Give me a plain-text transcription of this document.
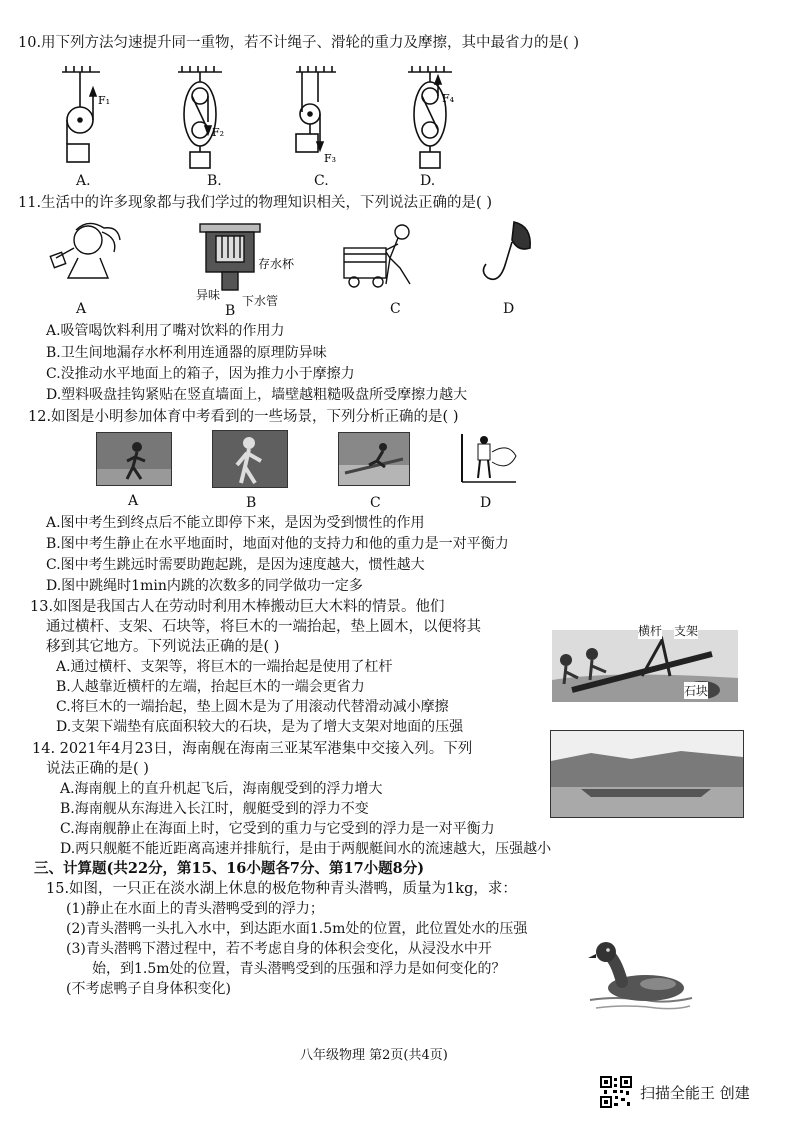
10.用下列方法匀速提升同一重物，若不计绳子、滑轮的重力及摩擦，其中最省力的是( )
F₁
F₂
F₃
F₄
A.	B.	C.	D.
11.生活中的许多现象都与我们学过的物理知识相关，下列说法正确的是( )
存水杯
异味 下水管
A	B	C	D
A.吸管喝饮料利用了嘴对饮料的作用力
B.卫生间地漏存水杯利用连通器的原理防异味
C.没推动水平地面上的箱子，因为推力小于摩擦力
D.塑料吸盘挂钩紧贴在竖直墙面上，墙壁越粗糙吸盘所受摩擦力越大
12.如图是小明参加体育中考看到的一些场景，下列分析正确的是( )
A	B	C	D
A.图中考生到终点后不能立即停下来，是因为受到惯性的作用
B.图中考生静止在水平地面时，地面对他的支持力和他的重力是一对平衡力
C.图中考生跳远时需要助跑起跳，是因为速度越大，惯性越大
D.图中跳绳时1min内跳的次数多的同学做功一定多
13.如图是我国古人在劳动时利用木棒搬动巨大木料的情景。他们
通过横杆、支架、石块等，将巨木的一端抬起，垫上圆木，以便将其
移到其它地方。下列说法正确的是( )
横杆 支架
石块
A.通过横杆、支架等，将巨木的一端抬起是使用了杠杆
B.人越靠近横杆的左端，抬起巨木的一端会更省力
C.将巨木的一端抬起，垫上圆木是为了用滚动代替滑动减小摩擦
D.支架下端垫有底面积较大的石块，是为了增大支架对地面的压强
14. 2021年4月23日，海南舰在海南三亚某军港集中交接入列。下列
说法正确的是( )
A.海南舰上的直升机起飞后，海南舰受到的浮力增大
B.海南舰从东海进入长江时，舰艇受到的浮力不变
C.海南舰静止在海面上时，它受到的重力与它受到的浮力是一对平衡力
D.两只舰艇不能近距离高速并排航行，是由于两舰艇间水的流速越大，压强越小
三、计算题(共22分，第15、16小题各7分、第17小题8分)
15.如图，一只正在淡水湖上休息的极危物种青头潜鸭，质量为1kg，求：
(1)静止在水面上的青头潜鸭受到的浮力；
(2)青头潜鸭一头扎入水中，到达距水面1.5m处的位置，此位置处水的压强
(3)青头潜鸭下潜过程中，若不考虑自身的体积会变化，从浸没水中开
始，到1.5m处的位置，青头潜鸭受到的压强和浮力是如何变化的？
(不考虑鸭子自身体积变化)
八年级物理 第2页(共4页)
扫描全能王 创建
